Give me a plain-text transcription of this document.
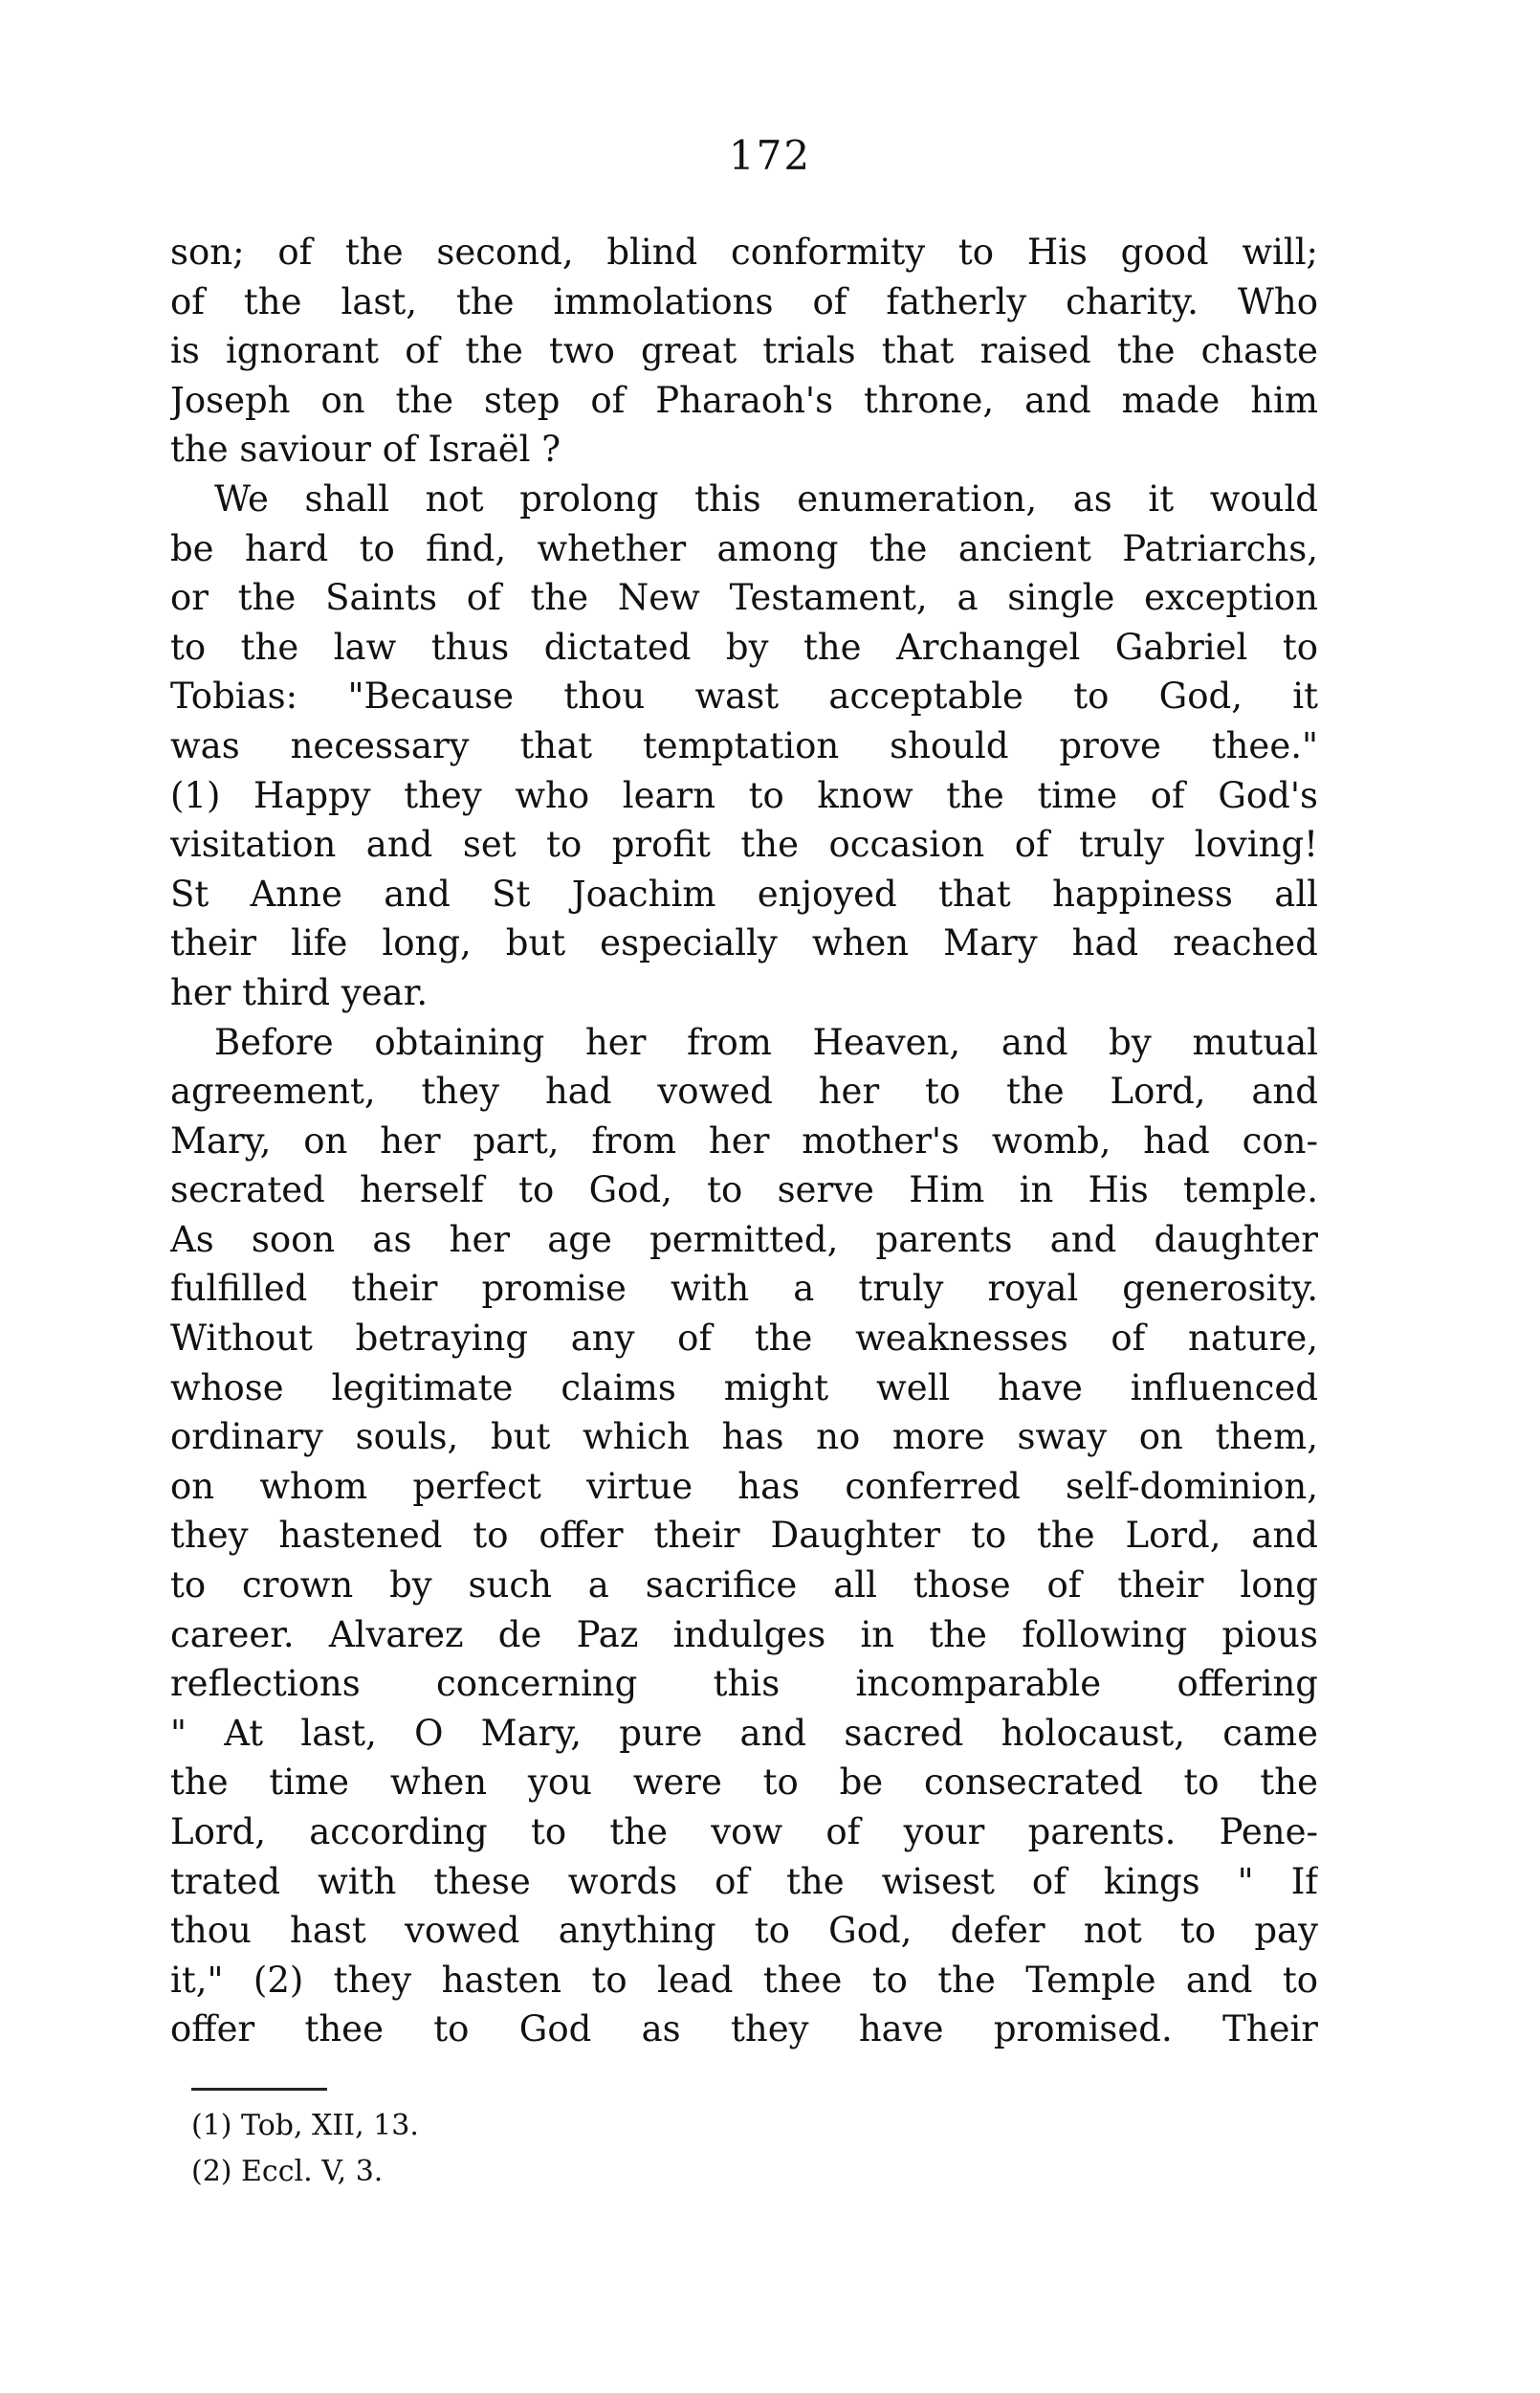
172
son; of the second, blind conformity to His good will;
of the last, the immolations of fatherly charity. Who
is ignorant of the two great trials that raised the chaste
Joseph on the step of Pharaoh's throne, and made him
the saviour of Israël ?
We shall not prolong this enumeration, as it would
be hard to find, whether among the ancient Patriarchs,
or the Saints of the New Testament, a single exception
to the law thus dictated by the Archangel Gabriel to
Tobias: "Because thou wast acceptable to God, it
was necessary that temptation should prove thee."
(1) Happy they who learn to know the time of God's
visitation and set to profit the occasion of truly loving!
St Anne and St Joachim enjoyed that happiness all
their life long, but especially when Mary had reached
her third year.
Before obtaining her from Heaven, and by mutual
agreement, they had vowed her to the Lord, and
Mary, on her part, from her mother's womb, had con-
secrated herself to God, to serve Him in His temple.
As soon as her age permitted, parents and daughter
fulfilled their promise with a truly royal generosity.
Without betraying any of the weaknesses of nature,
whose legitimate claims might well have influenced
ordinary souls, but which has no more sway on them,
on whom perfect virtue has conferred self-dominion,
they hastened to offer their Daughter to the Lord, and
to crown by such a sacrifice all those of their long
career. Alvarez de Paz indulges in the following pious
reflections concerning this incomparable offering
" At last, O Mary, pure and sacred holocaust, came
the time when you were to be consecrated to the
Lord, according to the vow of your parents. Pene-
trated with these words of the wisest of kings " If
thou hast vowed anything to God, defer not to pay
it," (2) they hasten to lead thee to the Temple and to
offer thee to God as they have promised. Their
(1) Tob, XII, 13.
(2) Eccl. V, 3.
